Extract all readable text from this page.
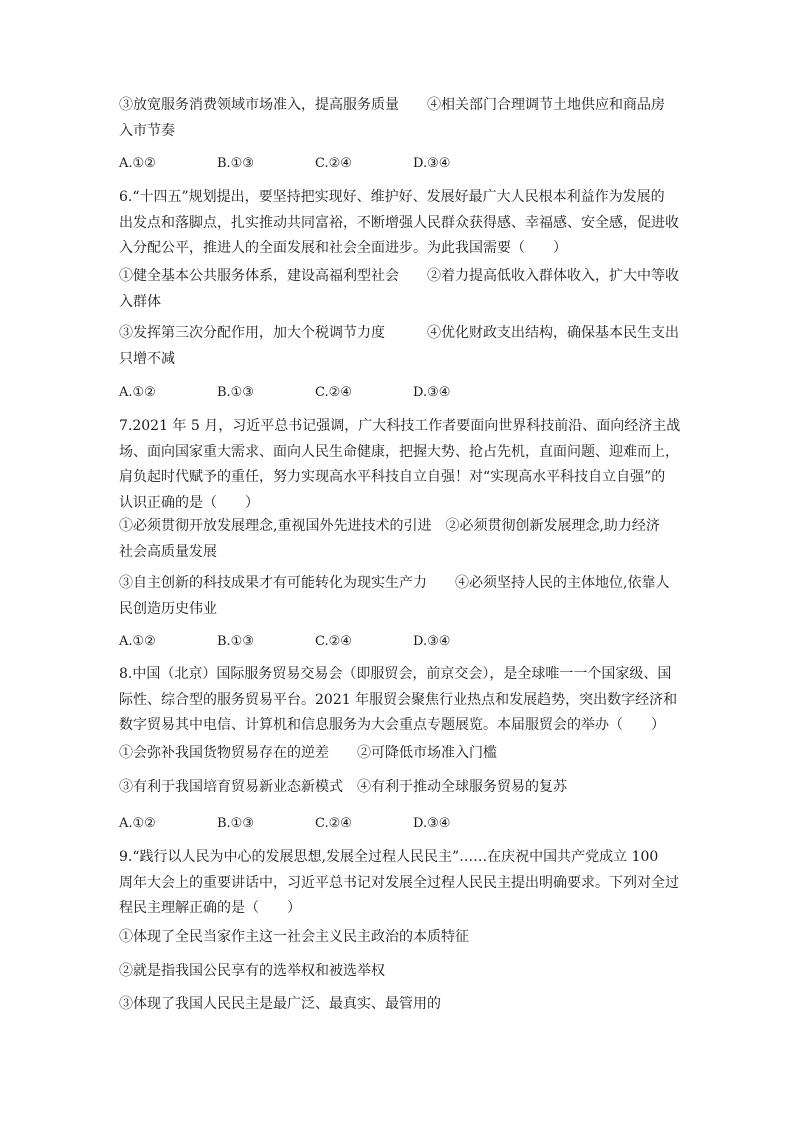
③放宽服务消费领域市场准入，提高服务质量　　④相关部门合理调节土地供应和商品房

入市节奏

A.①②	B.①③	C.②④	D.③④

6.“十四五”规划提出，要坚持把实现好、维护好、发展好最广大人民根本利益作为发展的

出发点和落脚点，扎实推动共同富裕，不断增强人民群众获得感、幸福感、安全感，促进收

入分配公平，推进人的全面发展和社会全面进步。为此我国需要（　　）

①健全基本公共服务体系，建设高福利型社会　　②着力提高低收入群体收入，扩大中等收

入群体

③发挥第三次分配作用，加大个税调节力度　　　④优化财政支出结构，确保基本民生支出

只增不减

A.①②	B.①③	C.②④	D.③④

7.2021 年 5 月，习近平总书记强调，广大科技工作者要面向世界科技前沿、面向经济主战

场、面向国家重大需求、面向人民生命健康，把握大势、抢占先机，直面问题、迎难而上，

肩负起时代赋予的重任，努力实现高水平科技自立自强！对“实现高水平科技自立自强”的

认识正确的是（　　）

①必须贯彻开放发展理念,重视国外先进技术的引进　②必须贯彻创新发展理念,助力经济

社会高质量发展

③自主创新的科技成果才有可能转化为现实生产力　　④必须坚持人民的主体地位,依靠人

民创造历史伟业

A.①②	B.①③	C.②④	D.③④

8.中国（北京）国际服务贸易交易会（即服贸会，前京交会），是全球唯一一个国家级、国

际性、综合型的服务贸易平台。2021 年服贸会聚焦行业热点和发展趋势，突出数字经济和

数字贸易其中电信、计算机和信息服务为大会重点专题展览。本届服贸会的举办（　　）

①会弥补我国货物贸易存在的逆差　　②可降低市场准入门槛

③有利于我国培育贸易新业态新模式　④有利于推动全球服务贸易的复苏

A.①②	B.①③	C.②④	D.③④

9.“践行以人民为中心的发展思想,发展全过程人民民主”……在庆祝中国共产党成立 100

周年大会上的重要讲话中，习近平总书记对发展全过程人民民主提出明确要求。下列对全过

程民主理解正确的是（　　）

①体现了全民当家作主这一社会主义民主政治的本质特征

②就是指我国公民享有的选举权和被选举权

③体现了我国人民民主是最广泛、最真实、最管用的
